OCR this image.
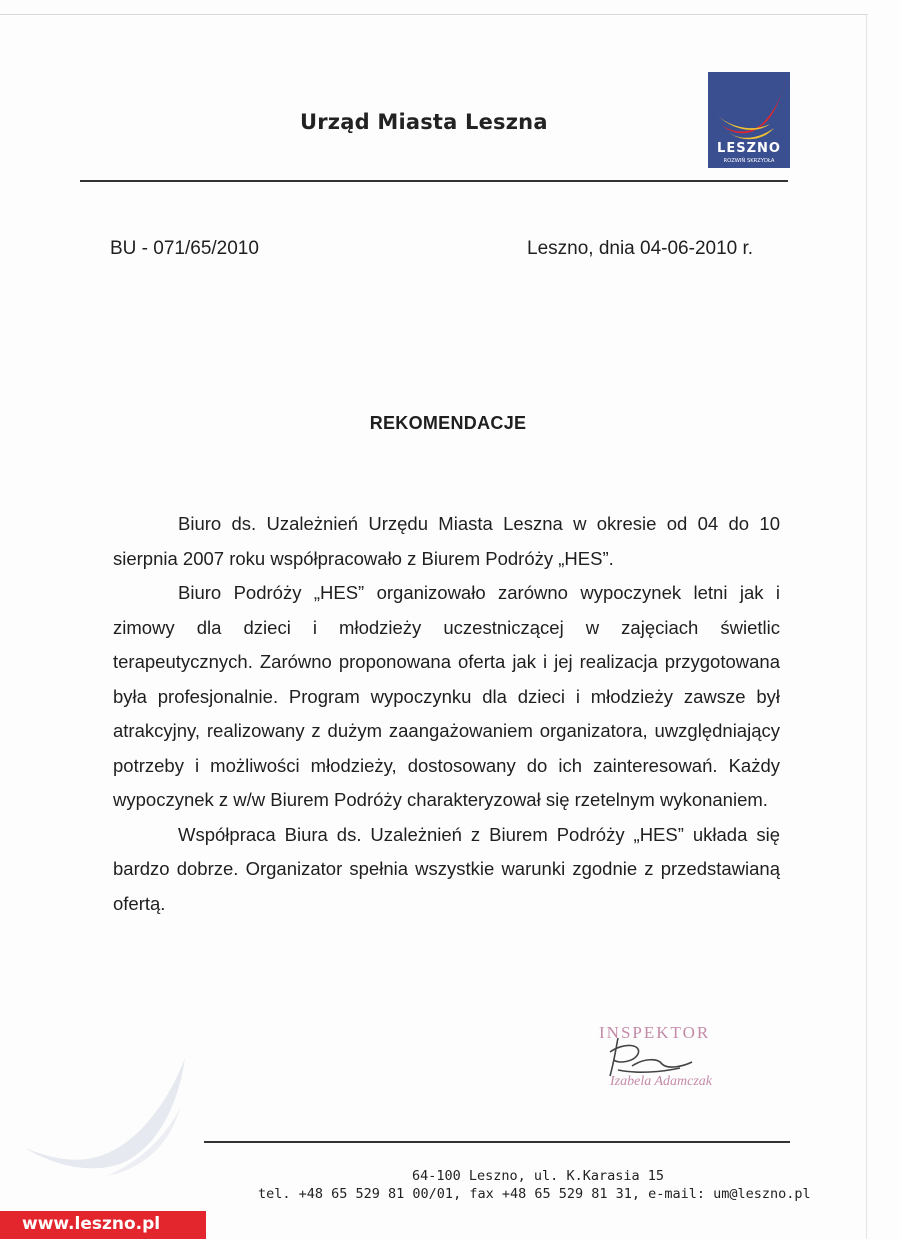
Urząd Miasta Leszna
LESZNO
ROZWIŃ SKRZYDŁA
BU - 071/65/2010	Leszno, dnia 04-06-2010 r.
REKOMENDACJE

Biuro ds. Uzależnień Urzędu Miasta Leszna w okresie od 04 do 10 sierpnia 2007 roku współpracowało z Biurem Podróży „HES”.

Biuro Podróży „HES” organizowało zarówno wypoczynek letni jak i zimowy dla dzieci i młodzieży uczestniczącej w zajęciach świetlic terapeutycznych. Zarówno proponowana oferta jak i jej realizacja przygotowana była profesjonalnie. Program wypoczynku dla dzieci i młodzieży zawsze był atrakcyjny, realizowany z dużym zaangażowaniem organizatora, uwzględniający potrzeby i możliwości młodzieży, dostosowany do ich zainteresowań. Każdy wypoczynek z w/w Biurem Podróży charakteryzował się rzetelnym wykonaniem.

Współpraca Biura ds. Uzależnień z Biurem Podróży „HES” układa się bardzo dobrze. Organizator spełnia wszystkie warunki zgodnie z przedstawianą ofertą.

INSPEKTOR
Izabela Adamczak
64-100 Leszno, ul. K.Karasia 15
tel. +48 65 529 81 00/01, fax +48 65 529 81 31, e-mail: um@leszno.pl
www.leszno.pl
